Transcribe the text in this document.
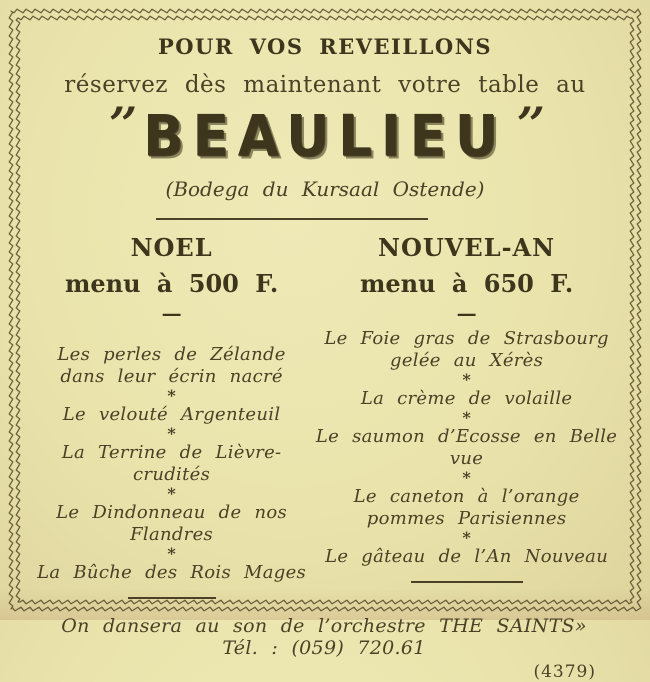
POUR VOS REVEILLONS
réservez dès maintenant votre table au
’’ BEAULIEU ’’
(Bodega du Kursaal Ostende)
NOEL
menu à 500 F.
—

Les perles de Zélande
dans leur écrin nacré

*

Le velouté Argenteuil

*

La Terrine de Lièvre-crudités

*

Le Dindonneau de nos Flandres

*

La Bûche des Rois Mages

NOUVEL-AN
menu à 650 F.
—

Le Foie gras de Strasbourg
gelée au Xérès

*

La crème de volaille

*

Le saumon d’Ecosse en Belle vue

*

Le caneton à l’orange
pommes Parisiennes

*

Le gâteau de l’An Nouveau

On dansera au son de l’orchestre THE SAINTS» Tél. : (059) 720.61
(4379)
